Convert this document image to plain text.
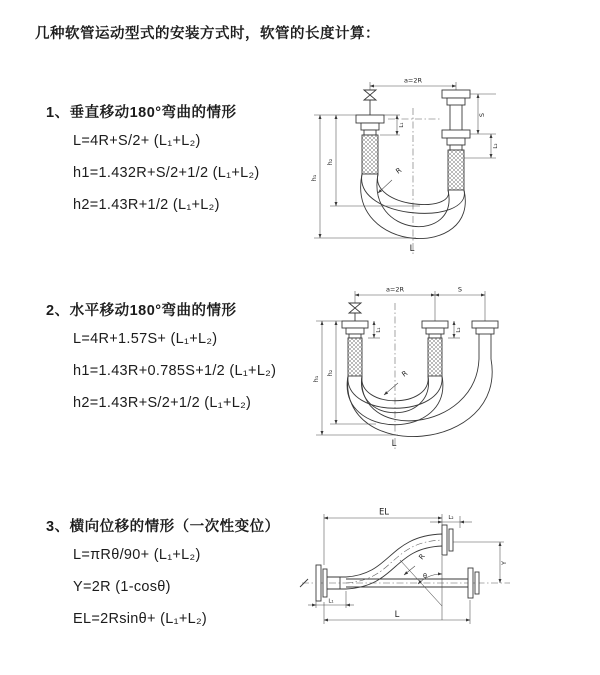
几种软管运动型式的安装方式时，软管的长度计算：
1、垂直移动180°弯曲的情形
L=4R+S/2+ (L₁+L₂)
h1=1.432R+S/2+1/2 (L₁+L₂)
h2=1.43R+1/2 (L₁+L₂)
2、水平移动180°弯曲的情形
L=4R+1.57S+ (L₁+L₂)
h1=1.43R+0.785S+1/2 (L₁+L₂)
h2=1.43R+S/2+1/2 (L₁+L₂)
3、横向位移的情形（一次性变位）
L=πRθ/90+ (L₁+L₂)
Y=2R (1-cosθ)
EL=2Rsinθ+ (L₁+L₂)
a=2R
S
L₂
h₁
h₂
L₁
R
L
a=2R	S
h₁
h₂
L₁	L₂
R
L
θ
EL
L₂
Y
L
L₁
R
